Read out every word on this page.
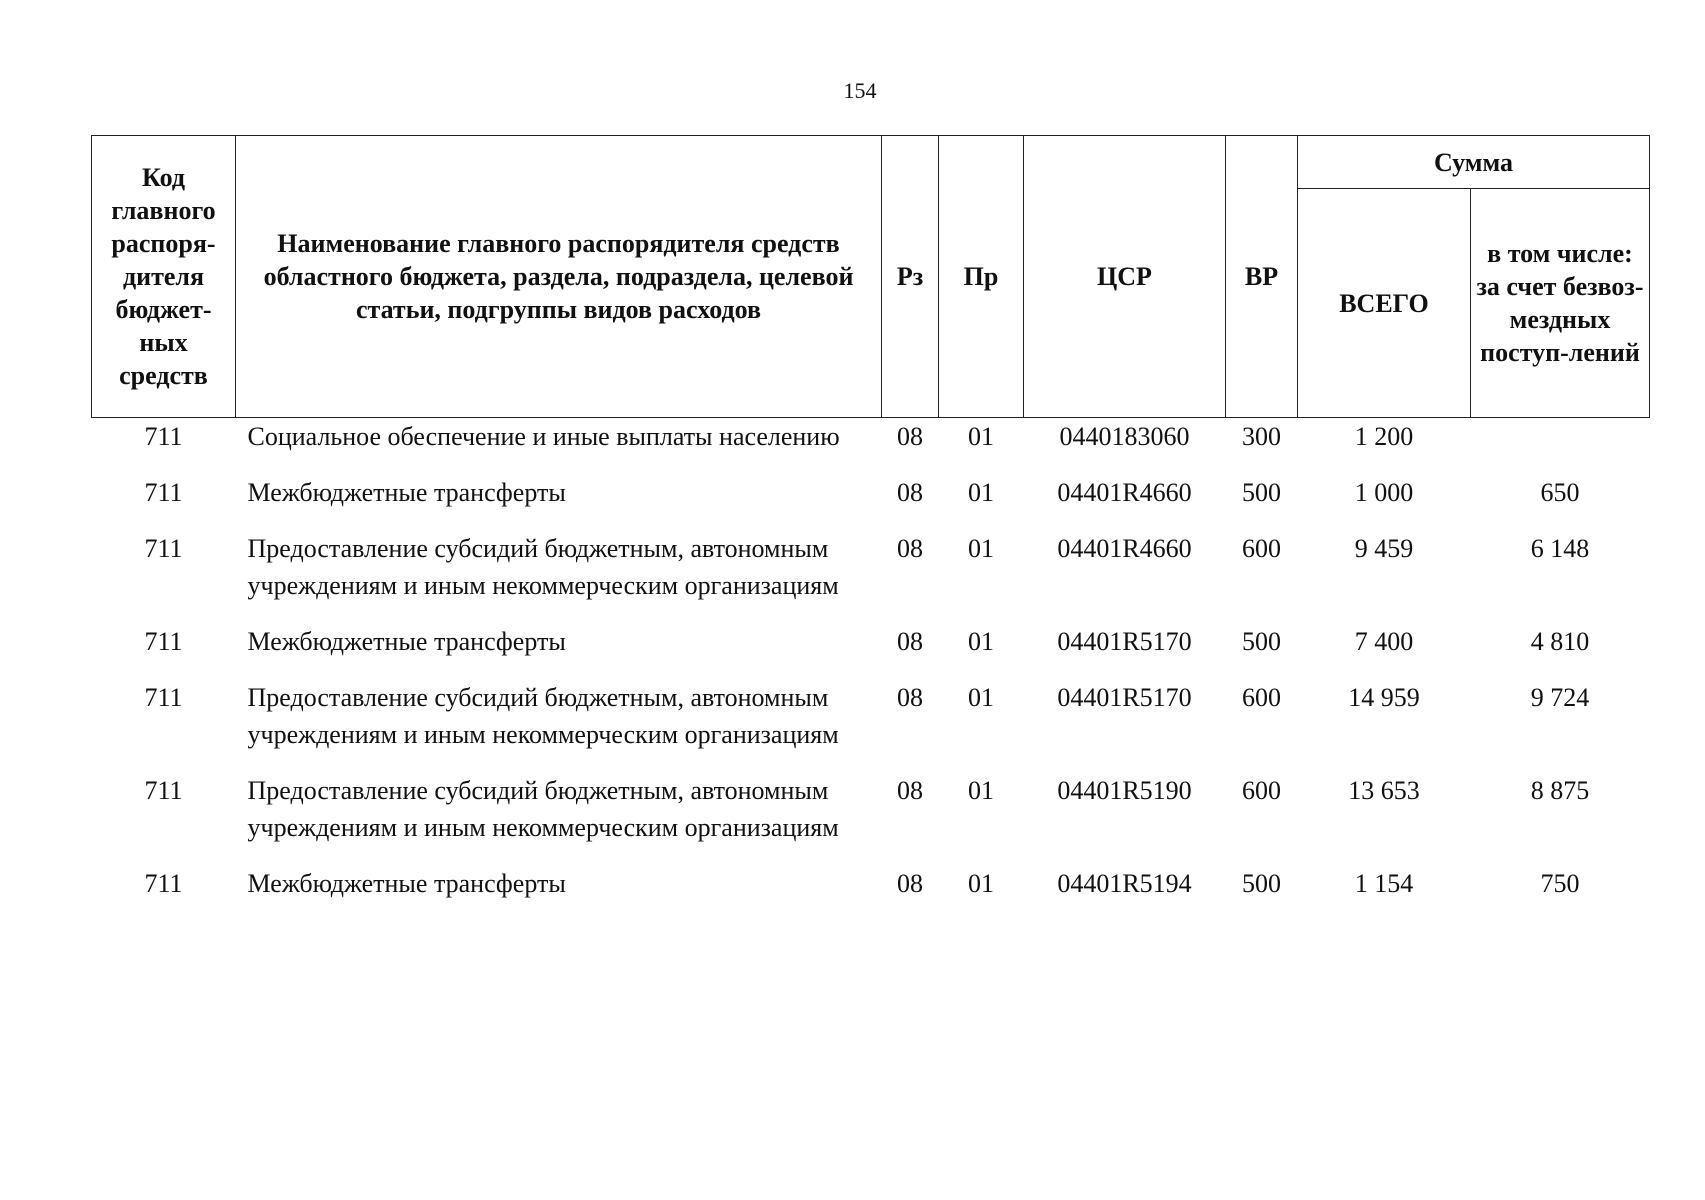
154
Код главного распоря-дителя бюджет-ных средств	Наименование главного распорядителя средств областного бюджета, раздела, подраздела, целевой статьи, подгруппы видов расходов	Рз	Пр	ЦСР	ВР	Сумма	
						ВСЕГО	в том числе: за счет безвоз-мездных поступ-лений
711	Социальное обеспечение и иные выплаты населению	08	01	0440183060	300	1 200	
711	Межбюджетные трансферты	08	01	04401R4660	500	1 000	650
711	Предоставление субсидий бюджетным, автономным учреждениям и иным некоммерческим организациям	08	01	04401R4660	600	9 459	6 148
711	Межбюджетные трансферты	08	01	04401R5170	500	7 400	4 810
711	Предоставление субсидий бюджетным, автономным учреждениям и иным некоммерческим организациям	08	01	04401R5170	600	14 959	9 724
711	Предоставление субсидий бюджетным, автономным учреждениям и иным некоммерческим организациям	08	01	04401R5190	600	13 653	8 875
711	Межбюджетные трансферты	08	01	04401R5194	500	1 154	750
